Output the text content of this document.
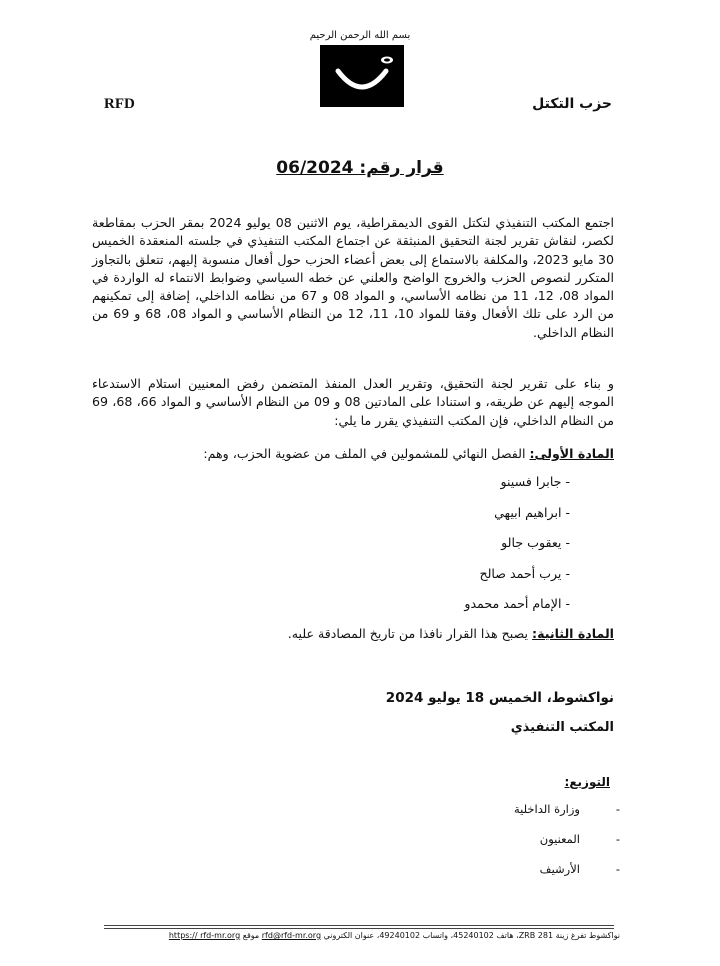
بسم الله الرحمن الرحيم
حزب التكتل
RFD
قرار رقم: 06/2024
اجتمع المكتب التنفيذي لتكتل القوى الديمقراطية، يوم الاثنين 08 يوليو 2024 بمقر الحزب بمقاطعة لكصر، لنقاش تقرير لجنة التحقيق المنبثقة عن اجتماع المكتب التنفيذي في جلسته المنعقدة الخميس 30 مايو 2023، والمكلفة بالاستماع إلى بعض أعضاء الحزب حول أفعال منسوبة إليهم، تتعلق بالتجاوز المتكرر لنصوص الحزب والخروج الواضح والعلني عن خطه السياسي وضوابط الانتماء له الواردة في المواد 08، 12، 11 من نظامه الأساسي، و المواد 08 و 67 من نظامه الداخلي، إضافة إلى تمكينهم من الرد على تلك الأفعال وفقا للمواد 10، 11، 12 من النظام الأساسي و المواد 08، 68 و 69 من النظام الداخلي.
و بناء على تقرير لجنة التحقيق، وتقرير العدل المنفذ المتضمن رفض المعنيين استلام الاستدعاء الموجه إليهم عن طريقه، و استنادا على المادتين 08 و 09 من النظام الأساسي و المواد 66، 68، 69 من النظام الداخلي، فإن المكتب التنفيذي يقرر ما يلي:
المادة الأولى: الفصل النهائي للمشمولين في الملف من عضوية الحزب، وهم:
- جابرا فسينو
- ابراهيم ابيهي
- يعقوب جالو
- يرب أحمد صالح
- الإمام أحمد محمدو
المادة الثانية: يصبح هذا القرار نافذا من تاريخ المصادقة عليه.
نواكشوط، الخميس 18 يوليو 2024
المكتب التنفيذي
التوزيع:
-
وزارة الداخلية
-
المعنيون
-
الأرشيف
نواكشوط تفرغ زينة ZRB 281، هاتف 45240102، واتساب 49240102، عنوان الكتروني rfd@rfd-mr.org موقع https:// rfd-mr.org
